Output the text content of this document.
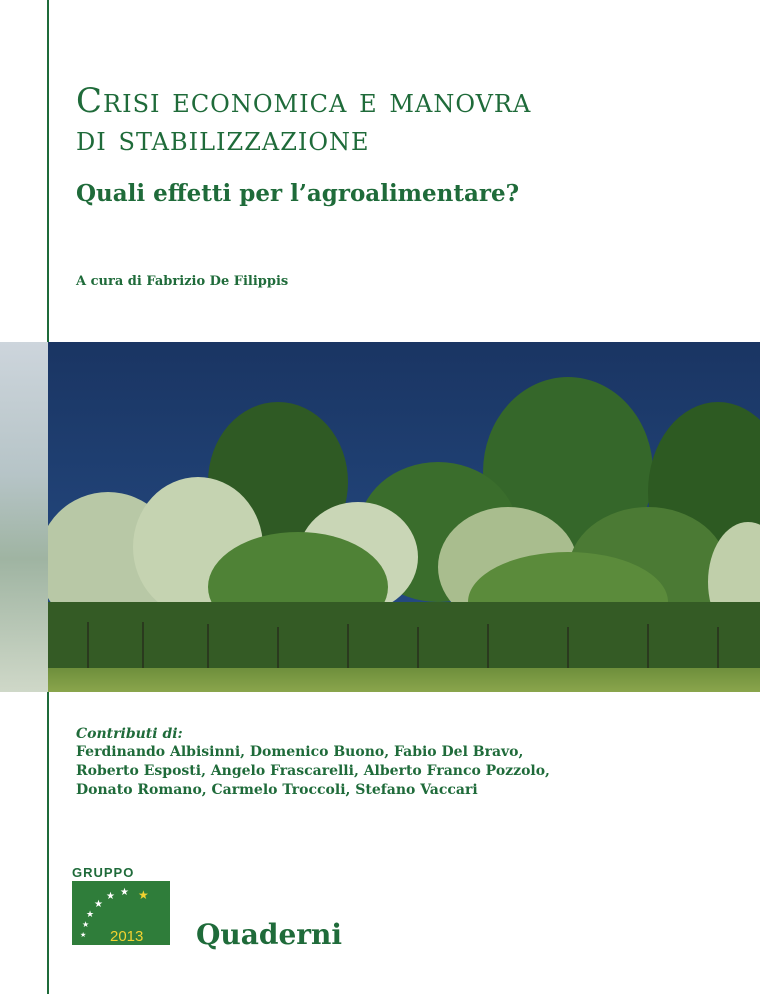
Crisi economica e manovra
di stabilizzazione
Quali effetti per l’agroalimentare?
A cura di Fabrizio De Filippis
Contributi di:
Ferdinando Albisinni, Domenico Buono, Fabio Del Bravo,
Roberto Esposti, Angelo Frascarelli, Alberto Franco Pozzolo,
Donato Romano, Carmelo Troccoli, Stefano Vaccari
GRUPPO
★
★ ★
★
★
★
★
2013 Quaderni
